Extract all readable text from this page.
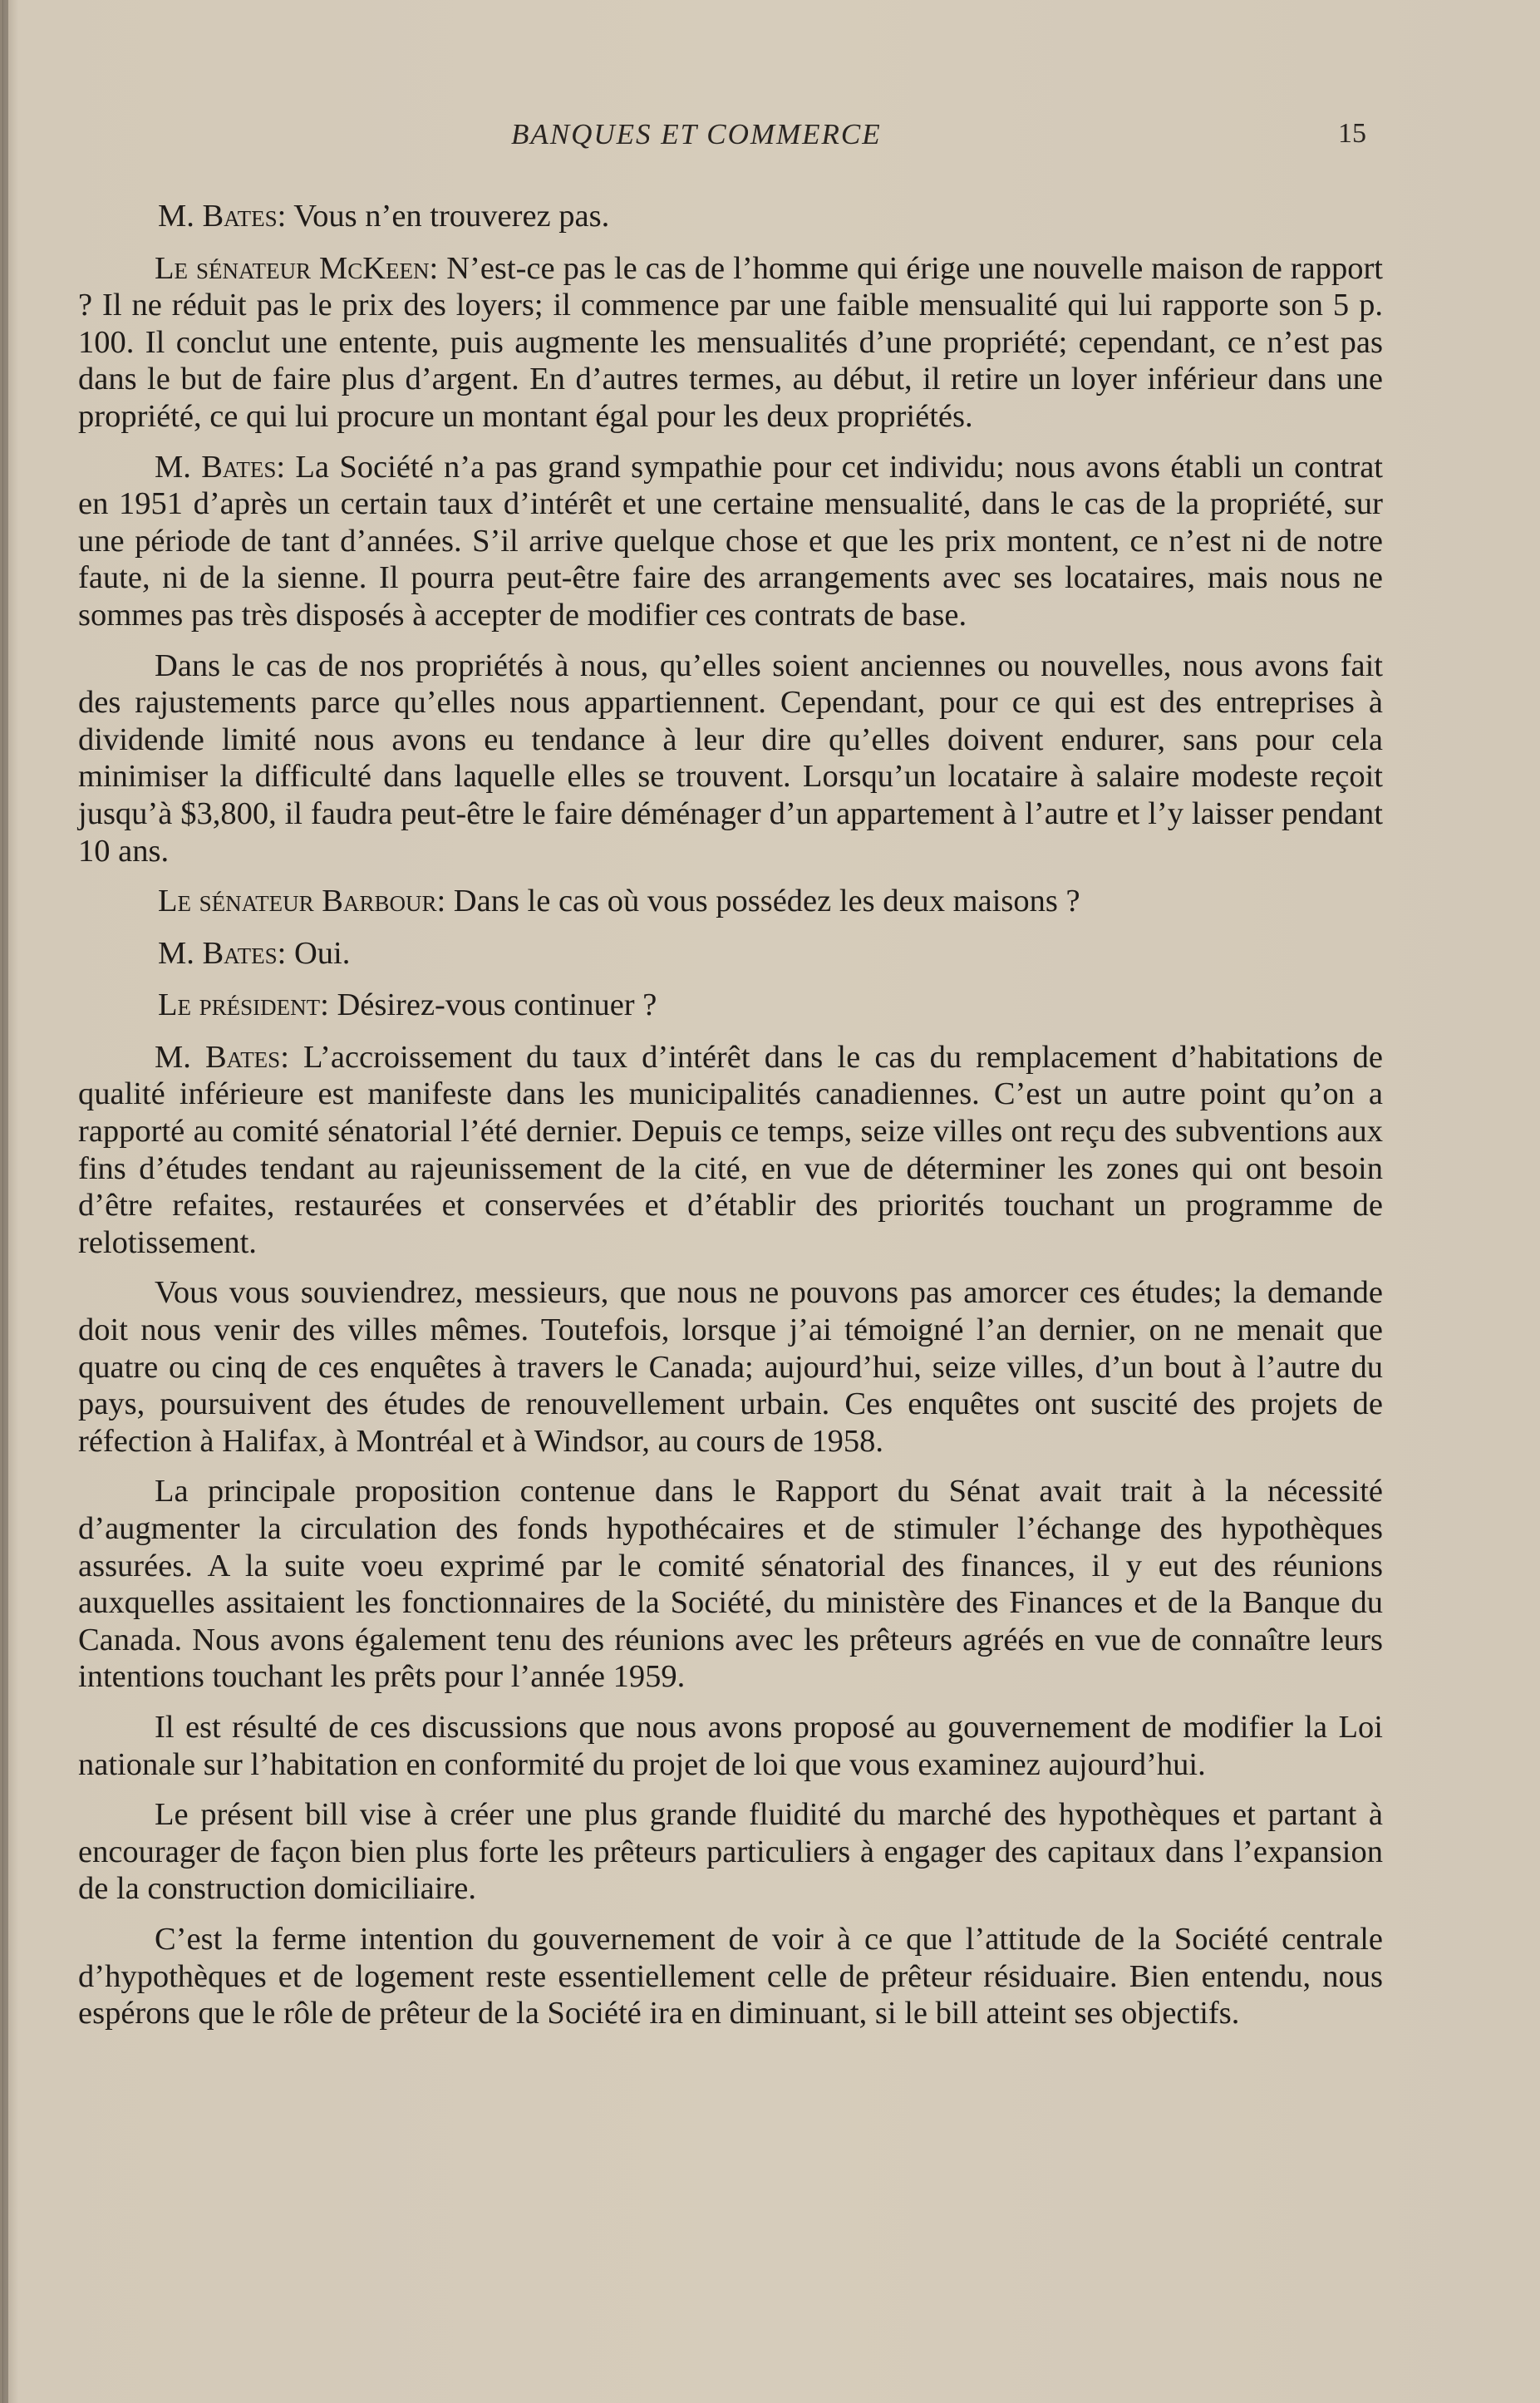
BANQUES ET COMMERCE	15

M. Bates: Vous n’en trouverez pas.

Le sénateur McKeen: N’est-ce pas le cas de l’homme qui érige une nouvelle maison de rapport ? Il ne réduit pas le prix des loyers; il commence par une faible mensualité qui lui rapporte son 5 p. 100. Il conclut une entente, puis augmente les mensualités d’une propriété; cependant, ce n’est pas dans le but de faire plus d’argent. En d’autres termes, au début, il retire un loyer inférieur dans une propriété, ce qui lui procure un montant égal pour les deux propriétés.

M. Bates: La Société n’a pas grand sympathie pour cet individu; nous avons établi un contrat en 1951 d’après un certain taux d’intérêt et une certaine mensualité, dans le cas de la propriété, sur une période de tant d’années. S’il arrive quelque chose et que les prix montent, ce n’est ni de notre faute, ni de la sienne. Il pourra peut-être faire des arrangements avec ses locataires, mais nous ne sommes pas très disposés à accepter de modifier ces contrats de base.

Dans le cas de nos propriétés à nous, qu’elles soient anciennes ou nouvelles, nous avons fait des rajustements parce qu’elles nous appartiennent. Cependant, pour ce qui est des entreprises à dividende limité nous avons eu tendance à leur dire qu’elles doivent endurer, sans pour cela minimiser la difficulté dans laquelle elles se trouvent. Lorsqu’un locataire à salaire modeste reçoit jusqu’à $3,800, il faudra peut-être le faire déménager d’un appartement à l’autre et l’y laisser pendant 10 ans.

Le sénateur Barbour: Dans le cas où vous possédez les deux maisons ?

M. Bates: Oui.

Le président: Désirez-vous continuer ?

M. Bates: L’accroissement du taux d’intérêt dans le cas du remplacement d’habitations de qualité inférieure est manifeste dans les municipalités canadiennes. C’est un autre point qu’on a rapporté au comité sénatorial l’été dernier. Depuis ce temps, seize villes ont reçu des subventions aux fins d’études tendant au rajeunissement de la cité, en vue de déterminer les zones qui ont besoin d’être refaites, restaurées et conservées et d’établir des priorités touchant un programme de relotissement.

Vous vous souviendrez, messieurs, que nous ne pouvons pas amorcer ces études; la demande doit nous venir des villes mêmes. Toutefois, lorsque j’ai témoigné l’an dernier, on ne menait que quatre ou cinq de ces enquêtes à travers le Canada; aujourd’hui, seize villes, d’un bout à l’autre du pays, poursuivent des études de renouvellement urbain. Ces enquêtes ont suscité des projets de réfection à Halifax, à Montréal et à Windsor, au cours de 1958.

La principale proposition contenue dans le Rapport du Sénat avait trait à la nécessité d’augmenter la circulation des fonds hypothécaires et de stimuler l’échange des hypothèques assurées. A la suite voeu exprimé par le comité sénatorial des finances, il y eut des réunions auxquelles assitaient les fonctionnaires de la Société, du ministère des Finances et de la Banque du Canada. Nous avons également tenu des réunions avec les prêteurs agréés en vue de connaître leurs intentions touchant les prêts pour l’année 1959.

Il est résulté de ces discussions que nous avons proposé au gouvernement de modifier la Loi nationale sur l’habitation en conformité du projet de loi que vous examinez aujourd’hui.

Le présent bill vise à créer une plus grande fluidité du marché des hypothèques et partant à encourager de façon bien plus forte les prêteurs particuliers à engager des capitaux dans l’expansion de la construction domiciliaire.

C’est la ferme intention du gouvernement de voir à ce que l’attitude de la Société centrale d’hypothèques et de logement reste essentiellement celle de prêteur résiduaire. Bien entendu, nous espérons que le rôle de prêteur de la Société ira en diminuant, si le bill atteint ses objectifs.
